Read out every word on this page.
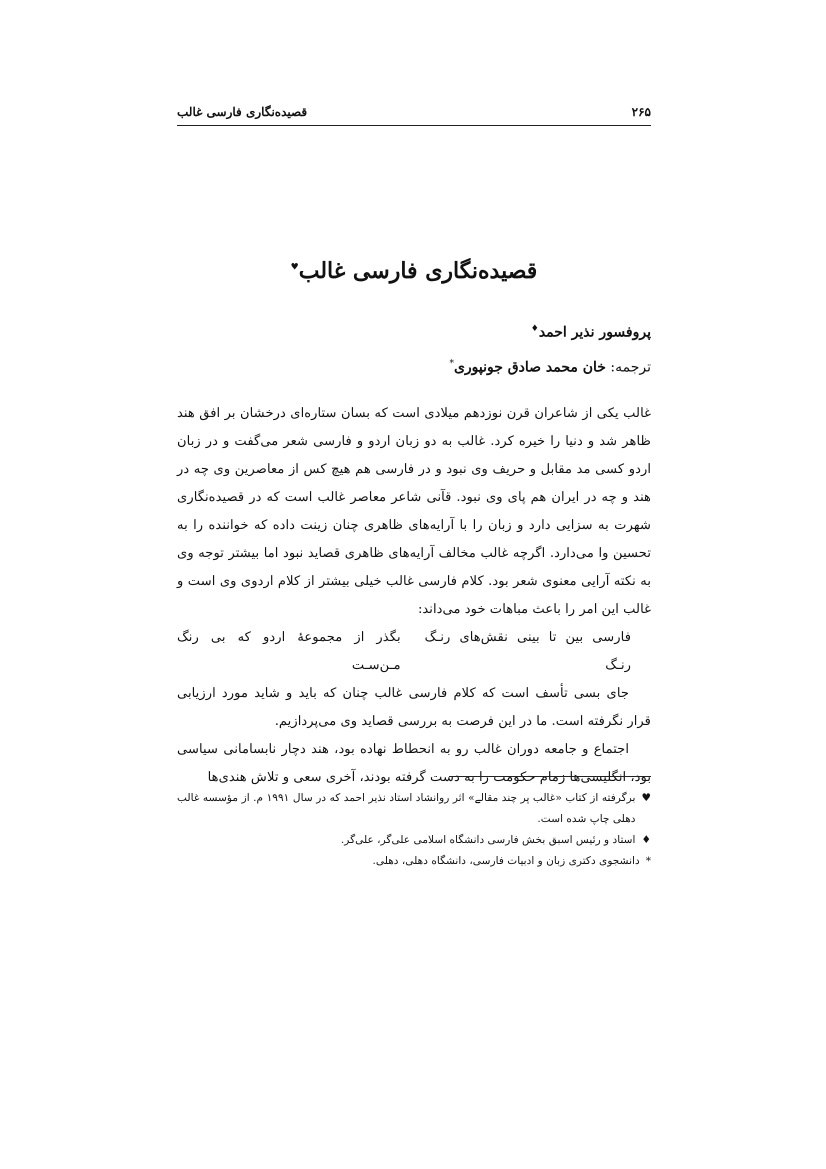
۲۶۵
قصیده‌نگاری فارسی غالب
قصیده‌نگاری فارسی غالب♥
پروفسور نذیر احمد♦
ترجمه: خان محمد صادق جونپوری*

غالب یکی از شاعران قرن نوزدهم میلادی است که بسان ستاره‌ای درخشان بر افق هند ظاهر شد و دنیا را خیره کرد. غالب به دو زبان اردو و فارسی شعر می‌گفت و در زبان اردو کسی مد مقابل و حریف وی نبود و در فارسی هم هیچ کس از معاصرین وی چه در هند و چه در ایران هم پای وی نبود. قآنی شاعر معاصر غالب است که در قصیده‌نگاری شهرت به سزایی دارد و زبان را با آرایه‌های ظاهری چنان زینت داده که خواننده را به تحسین وا می‌دارد. اگرچه غالب مخالف آرایه‌های ظاهری قصاید نبود اما بیشتر توجه وی به نکته آرایی معنوی شعر بود. کلام فارسی غالب خیلی بیشتر از کلام اردوی وی است و غالب این امر را باعث مباهات خود می‌داند:

فارسی بین تا بینی نقش‌های رنـگ رنـگ
بگذر از مجموعهٔ اردو که بی رنگ مـن‌سـت

جای بسی تأسف است که کلام فارسی غالب چنان که باید و شاید مورد ارزیابی قرار نگرفته است. ما در این فرصت به بررسی قصاید وی می‌پردازیم.

اجتماع و جامعه دوران غالب رو به انحطاط نهاده بود، هند دچار نابسامانی سیاسی بود، انگلیسی‌ها زمام حکومت را به دست گرفته بودند، آخری سعی و تلاش هندی‌ها

♥
برگرفته از کتاب «غالب پر چند مقالے» اثر روانشاد استاد نذیر احمد که در سال ۱۹۹۱ م. از مؤسسه غالب دهلی چاپ شده است.
♦
استاد و رئیس اسبق بخش فارسی دانشگاه اسلامی علی‌گر، علی‌گر.
*
دانشجوی دکتری زبان و ادبیات فارسی، دانشگاه دهلی، دهلی.
